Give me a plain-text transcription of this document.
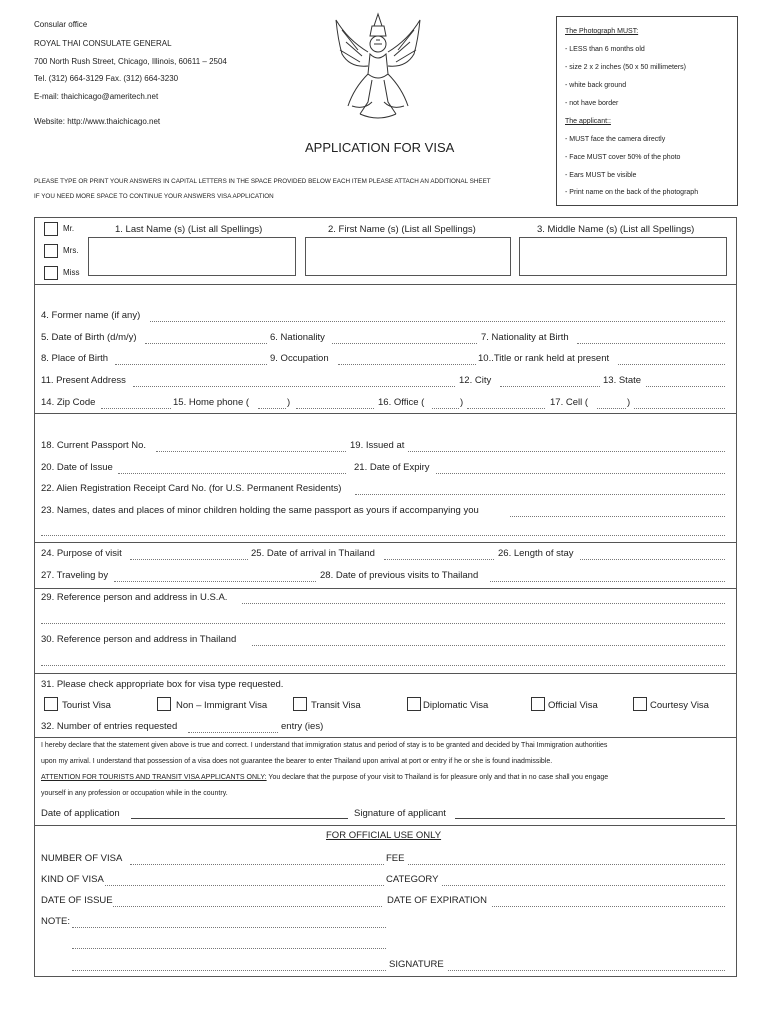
Consular office
ROYAL THAI CONSULATE GENERAL
700 North Rush Street, Chicago, Illinois, 60611 – 2504
Tel. (312) 664-3129 Fax. (312) 664-3230
E-mail: thaichicago@ameritech.net
Website: http://www.thaichicago.net
APPLICATION FOR VISA
PLEASE TYPE OR PRINT YOUR ANSWERS IN CAPITAL LETTERS IN THE SPACE PROVIDED BELOW EACH ITEM PLEASE ATTACH AN ADDITIONAL SHEET
IF YOU NEED MORE SPACE TO CONTINUE YOUR ANSWERS VISA APPLICATION
The Photograph MUST:
- LESS than 6 months old
- size 2 x 2 inches (50 x 50 millimeters)
- white back ground
- not have border
The applicant::
- MUST face the camera directly
- Face MUST cover 50% of the photo
- Ears MUST be visible
- Print name on the back of the photograph
Mr.
Mrs.
Miss
1. Last Name (s) (List all Spellings)	2. First Name (s) (List all Spellings)	3. Middle Name (s) (List all Spellings)
4. Former name (if any)
5. Date of Birth (d/m/y)	6. Nationality	7. Nationality at Birth
8. Place of Birth	9. Occupation	10..Title or rank held at present
11. Present Address	12. City	13. State
14. Zip Code	15. Home phone (	)	16. Office (	)	17. Cell (	)
18. Current Passport No.	19. Issued at
20. Date of Issue	21. Date of Expiry
22. Alien Registration Receipt Card No. (for U.S. Permanent Residents)
23. Names, dates and places of minor children holding the same passport as yours if accompanying you
24. Purpose of visit	25. Date of arrival in Thailand	26. Length of stay
27. Traveling by	28. Date of previous visits to Thailand
29. Reference person and address in U.S.A.
30. Reference person and address in Thailand
31. Please check appropriate box for visa type requested.
Tourist Visa	Non – Immigrant Visa	Transit Visa	Diplomatic Visa	Official Visa	Courtesy Visa
32. Number of entries requested	entry (ies)
I hereby declare that the statement given above is true and correct. I understand that immigration status and period of stay is to be granted and decided by Thai Immigration authorities
upon my arrival. I understand that possession of a visa does not guarantee the bearer to enter Thailand upon arrival at port or entry if he or she is found inadmissible.
ATTENTION FOR TOURISTS AND TRANSIT VISA APPLICANTS ONLY: You declare that the purpose of your visit to Thailand is for pleasure only and that in no case shall you engage
yourself in any profession or occupation while in the country.
Date of application	Signature of applicant
FOR OFFICIAL USE ONLY
NUMBER OF VISA	FEE
KIND OF VISA	CATEGORY
DATE OF ISSUE	DATE OF EXPIRATION
NOTE:
SIGNATURE
